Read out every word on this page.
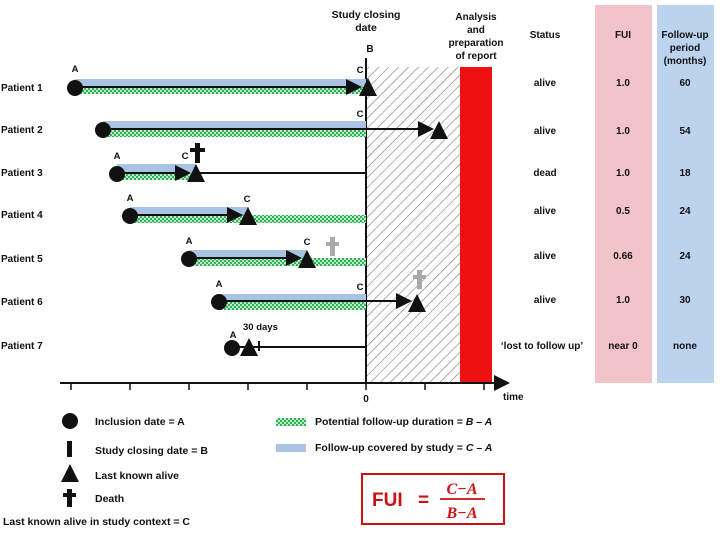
Study closing
date
B
Analysis
and
preparation
of report
Status	FUI	Follow-up
period
(months)
Patient 1
A	C
alive	1.0	60
Patient 2
C
alive	1.0	54
Patient 3
A	C
dead	1.0	18
Patient 4
A	C
alive	0.5	24
Patient 5
A	C
alive	0.66	24
Patient 6
A	C
alive	1.0	30
Patient 7
A
30 days
‘lost to follow up’	near 0	none
0	time
Inclusion date = A
Study closing date = B
Last known alive
Death
Last known alive in study context = C
Potential follow-up duration = B – A
Follow-up covered by study = C – A
FUI =
C−A
B−A
